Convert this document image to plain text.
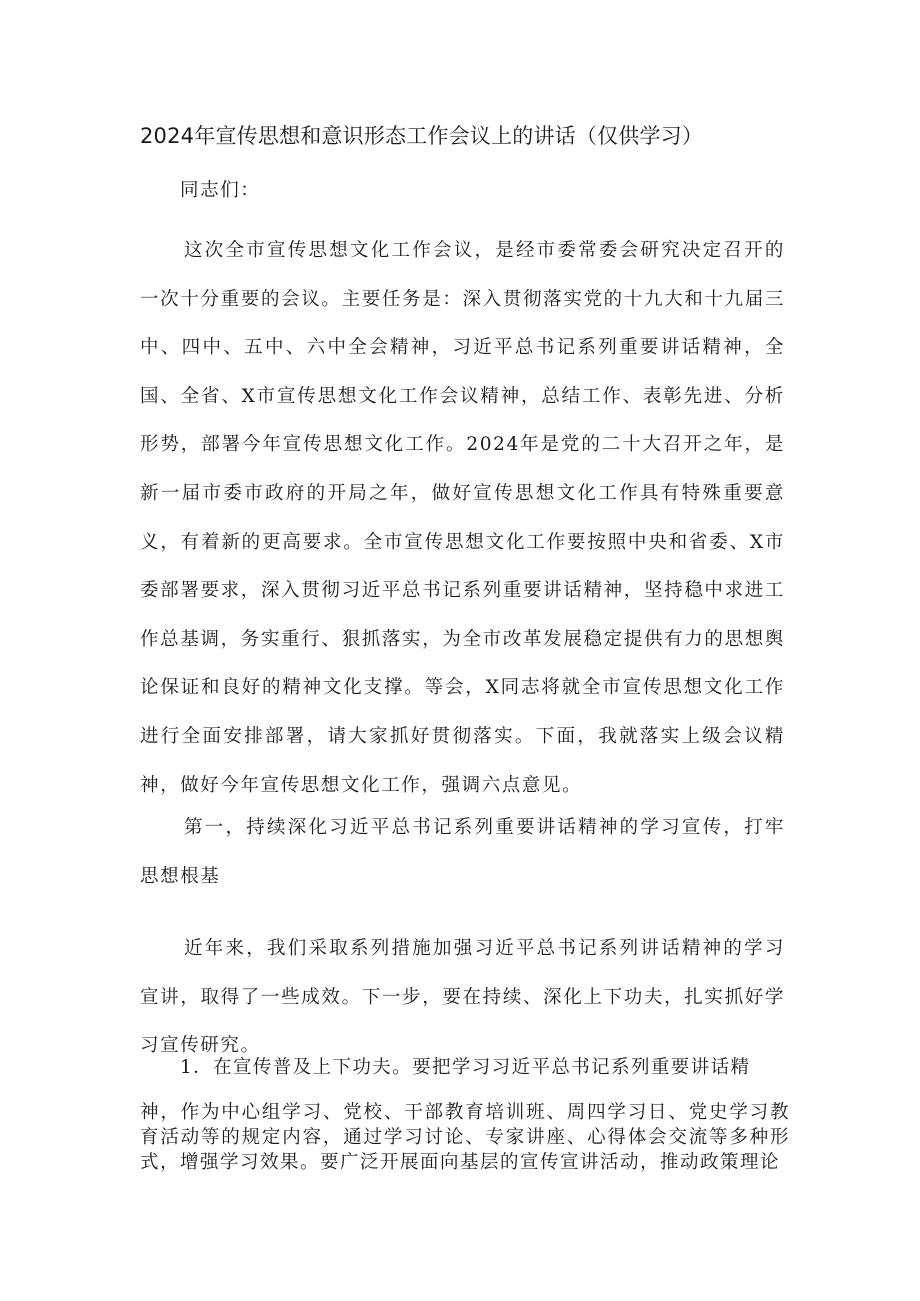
2024年宣传思想和意识形态工作会议上的讲话（仅供学习）

同志们：

这次全市宣传思想文化工作会议，是经市委常委会研究决定召开的一次十分重要的会议。主要任务是：深入贯彻落实党的十九大和十九届三中、四中、五中、六中全会精神，习近平总书记系列重要讲话精神，全国、全省、X市宣传思想文化工作会议精神，总结工作、表彰先进、分析形势，部署今年宣传思想文化工作。2024年是党的二十大召开之年，是新一届市委市政府的开局之年，做好宣传思想文化工作具有特殊重要意义，有着新的更高要求。全市宣传思想文化工作要按照中央和省委、X市委部署要求，深入贯彻习近平总书记系列重要讲话精神，坚持稳中求进工作总基调，务实重行、狠抓落实，为全市改革发展稳定提供有力的思想舆论保证和良好的精神文化支撑。等会，X同志将就全市宣传思想文化工作进行全面安排部署，请大家抓好贯彻落实。下面，我就落实上级会议精神，做好今年宣传思想文化工作，强调六点意见。

第一，持续深化习近平总书记系列重要讲话精神的学习宣传，打牢思想根基

近年来，我们采取系列措施加强习近平总书记系列讲话精神的学习宣讲，取得了一些成效。下一步，要在持续、深化上下功夫，扎实抓好学习宣传研究。

1．在宣传普及上下功夫。要把学习习近平总书记系列重要讲话精

神，作为中心组学习、党校、干部教育培训班、周四学习日、党史学习教育活动等的规定内容，通过学习讨论、专家讲座、心得体会交流等多种形式，增强学习效果。要广泛开展面向基层的宣传宣讲活动，推动政策理论
